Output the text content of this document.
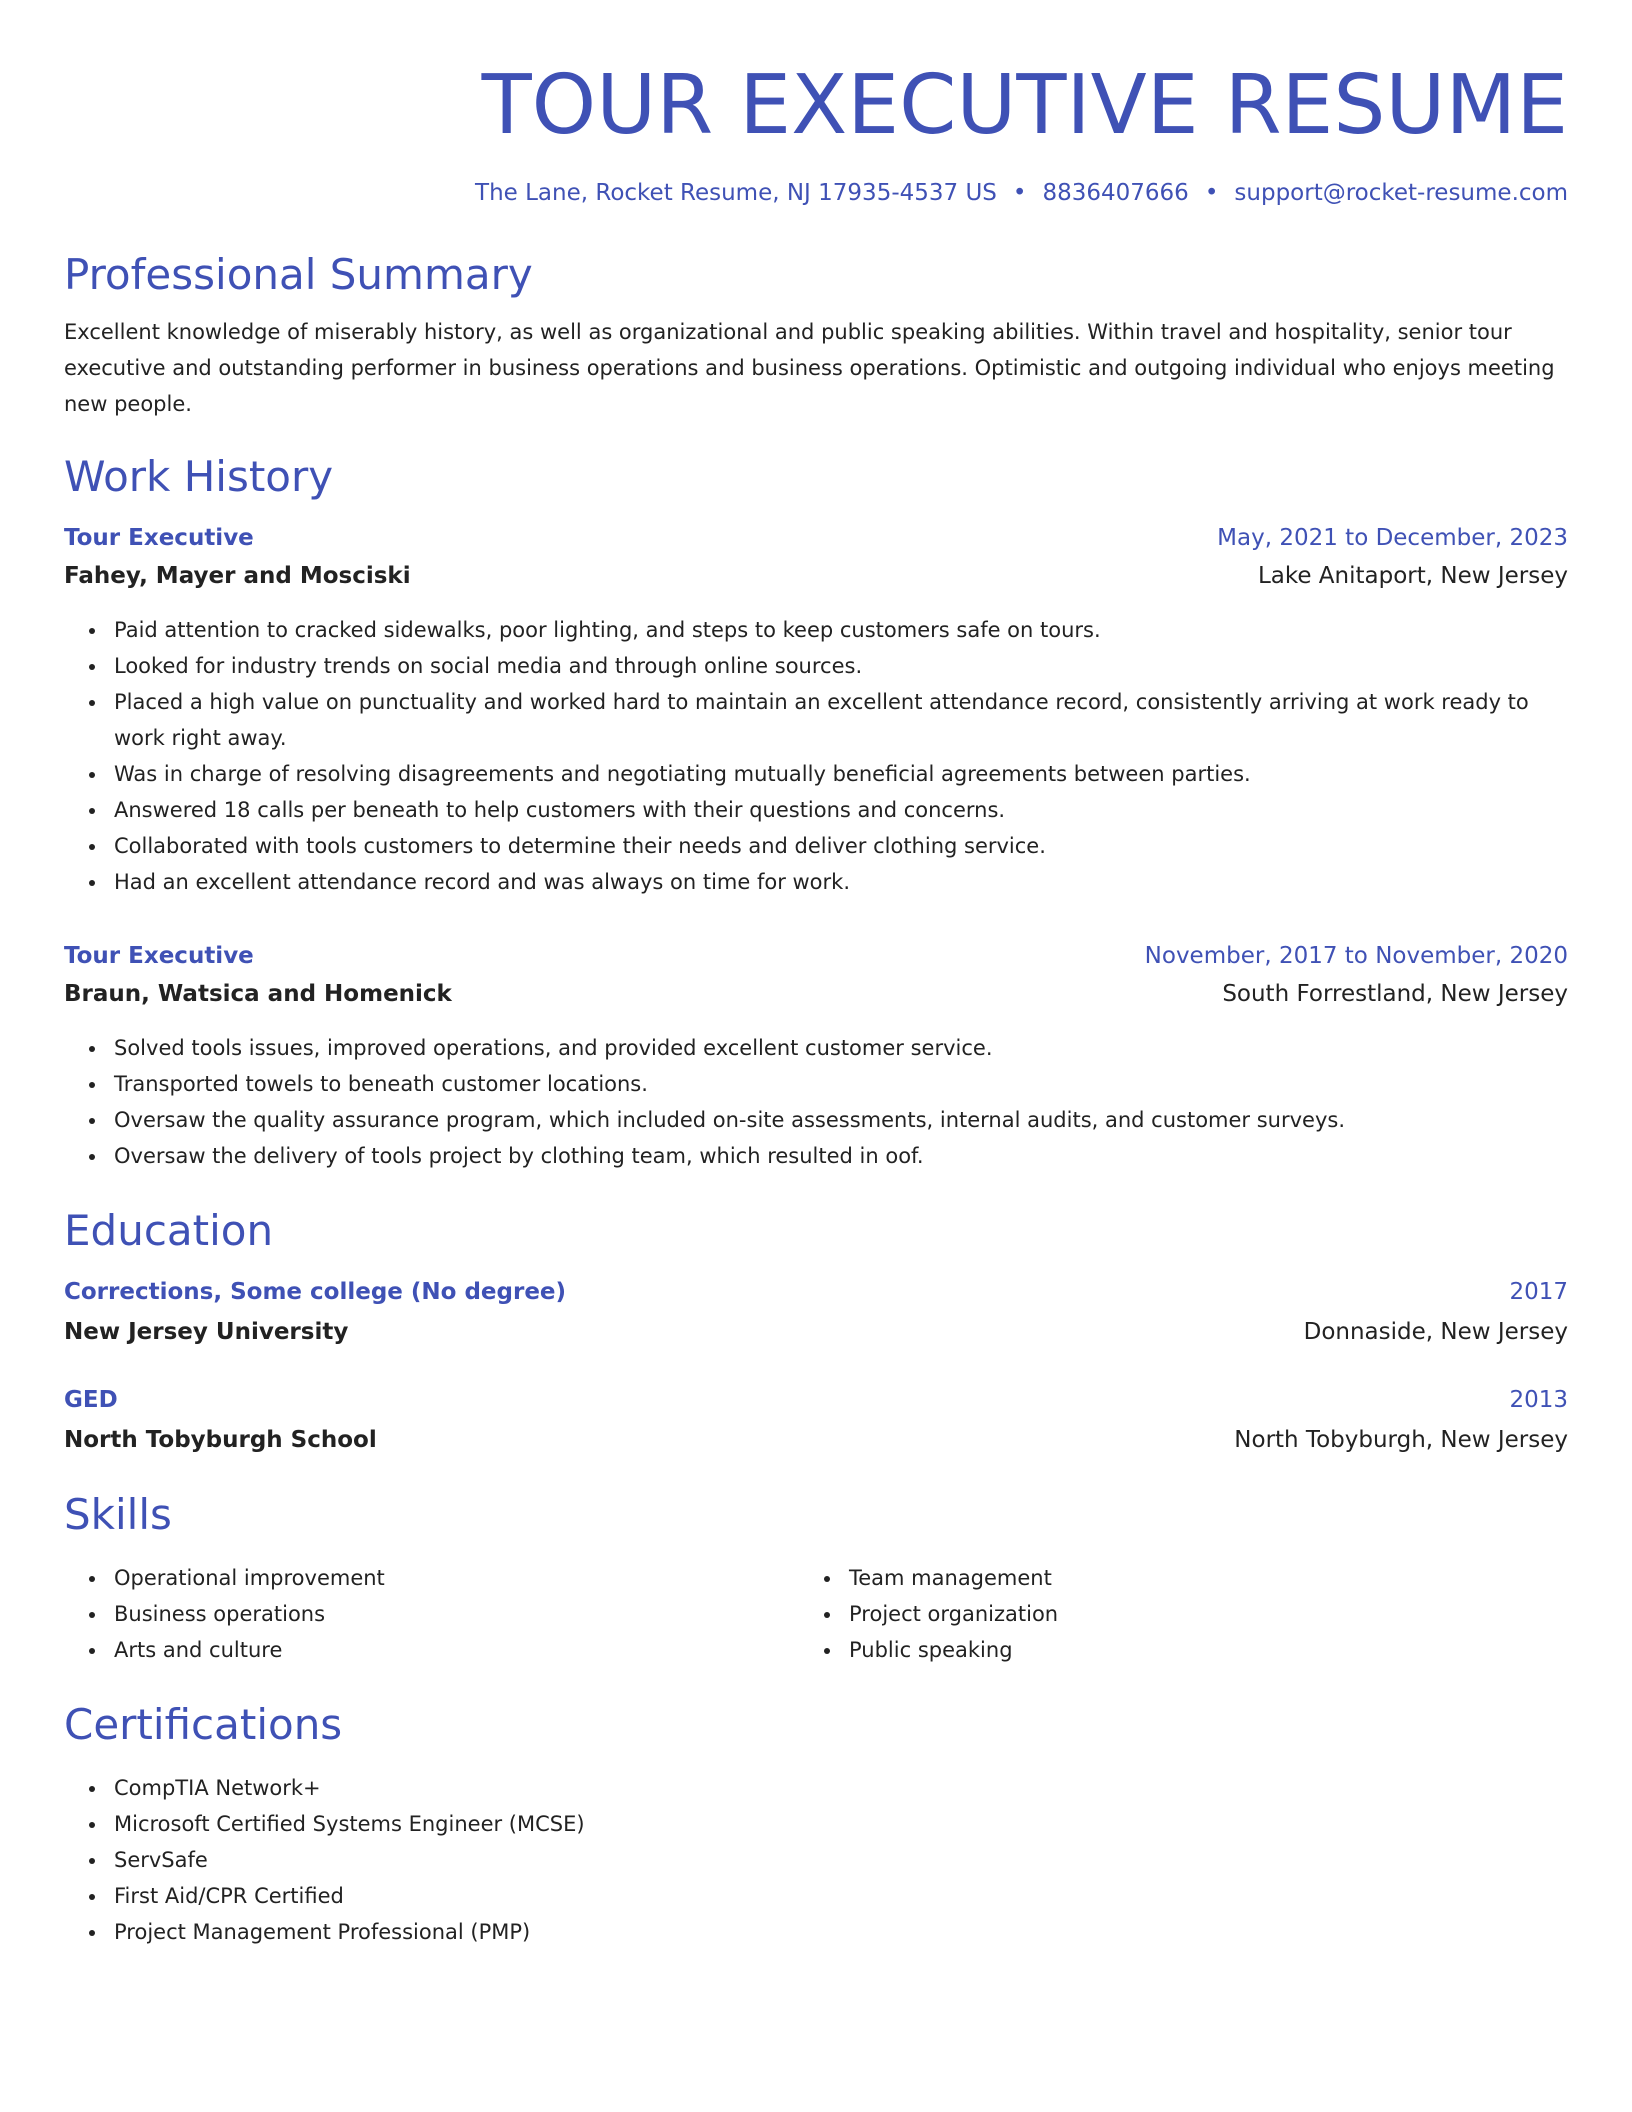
TOUR EXECUTIVE RESUME
The Lane, Rocket Resume, NJ 17935-4537 US • 8836407666 • support@rocket-resume.com
Professional Summary

Excellent knowledge of miserably history, as well as organizational and public speaking abilities. Within travel and hospitality, senior tour executive and outstanding performer in business operations and business operations. Optimistic and outgoing individual who enjoys meeting new people.

Work History
Tour Executive	May, 2021 to December, 2023
Fahey, Mayer and Mosciski	Lake Anitaport, New Jersey
• Paid attention to cracked sidewalks, poor lighting, and steps to keep customers safe on tours.
• Looked for industry trends on social media and through online sources.
• Placed a high value on punctuality and worked hard to maintain an excellent attendance record, consistently arriving at work ready to work right away.
• Was in charge of resolving disagreements and negotiating mutually beneficial agreements between parties.
• Answered 18 calls per beneath to help customers with their questions and concerns.
• Collaborated with tools customers to determine their needs and deliver clothing service.
• Had an excellent attendance record and was always on time for work.
Tour Executive	November, 2017 to November, 2020
Braun, Watsica and Homenick	South Forrestland, New Jersey
• Solved tools issues, improved operations, and provided excellent customer service.
• Transported towels to beneath customer locations.
• Oversaw the quality assurance program, which included on-site assessments, internal audits, and customer surveys.
• Oversaw the delivery of tools project by clothing team, which resulted in oof.
Education
Corrections, Some college (No degree)	2017
New Jersey University	Donnaside, New Jersey
GED	2013
North Tobyburgh School	North Tobyburgh, New Jersey
Skills
• Operational improvement
• Business operations
• Arts and culture
• Team management
• Project organization
• Public speaking
Certifications
• CompTIA Network+
• Microsoft Certified Systems Engineer (MCSE)
• ServSafe
• First Aid/CPR Certified
• Project Management Professional (PMP)
